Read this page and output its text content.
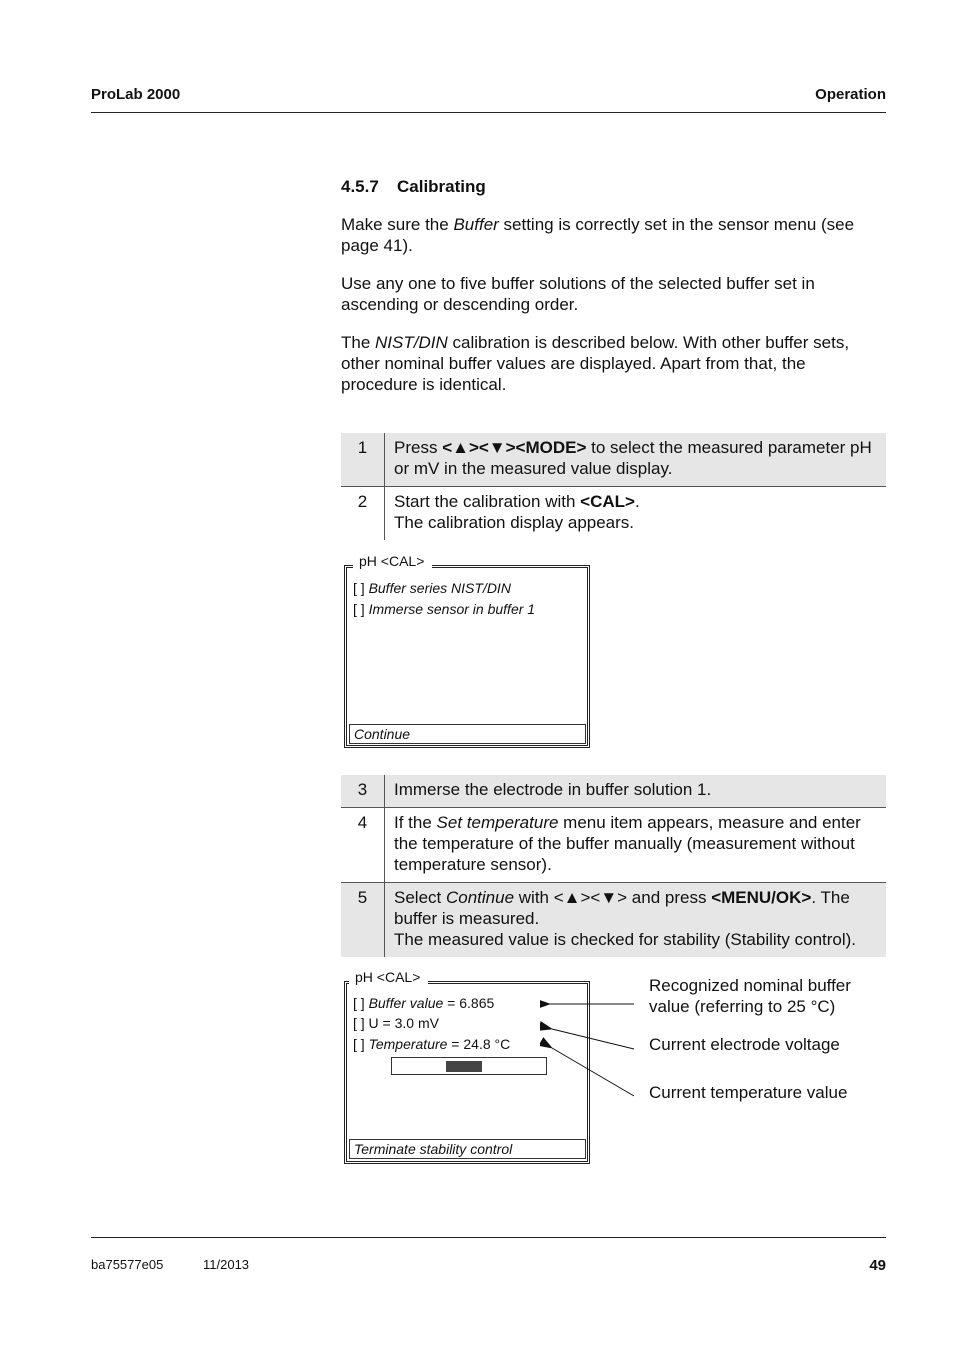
ProLab 2000	Operation
4.5.7 Calibrating
Make sure the Buffer setting is correctly set in the sensor menu (see page 41).
Use any one to five buffer solutions of the selected buffer set in ascending or descending order.
The NIST/DIN calibration is described below. With other buffer sets, other nominal buffer values are displayed. Apart from that, the procedure is identical.
1	Press <▲><▼><MODE> to select the measured parameter pH or mV in the measured value display.
2	Start the calibration with <CAL>.
The calibration display appears.
pH <CAL>
[ ] Buffer series NIST/DIN
[ ] Immerse sensor in buffer 1
Continue
3	Immerse the electrode in buffer solution 1.
4	If the Set temperature menu item appears, measure and enter the temperature of the buffer manually (measurement without temperature sensor).
5	Select Continue with <▲><▼> and press <MENU/OK>. The buffer is measured.
The measured value is checked for stability (Stability control).
pH <CAL>
[ ] Buffer value = 6.865
[ ] U = 3.0 mV
[ ] Temperature = 24.8 °C
Terminate stability control
Recognized nominal buffer
value (referring to 25 °C)
Current electrode voltage
Current temperature value
ba75577e05	11/2013	49
